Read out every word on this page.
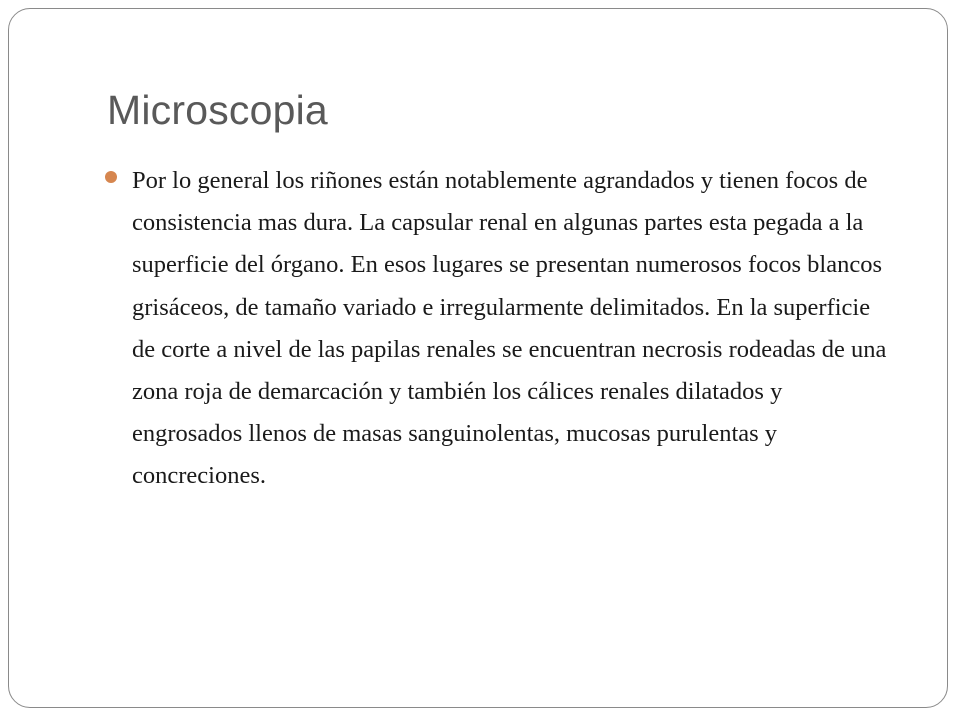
Microscopia

Por lo general los riñones están notablemente agrandados y tienen focos de consistencia mas dura. La capsular renal en algunas partes esta pegada a la superficie del órgano. En esos lugares se presentan numerosos focos blancos grisáceos, de tamaño variado e irregularmente delimitados. En la superficie de corte a nivel de las papilas renales se encuentran necrosis rodeadas de una zona roja de demarcación y también los cálices renales dilatados y engrosados llenos de masas sanguinolentas, mucosas purulentas y concreciones.
